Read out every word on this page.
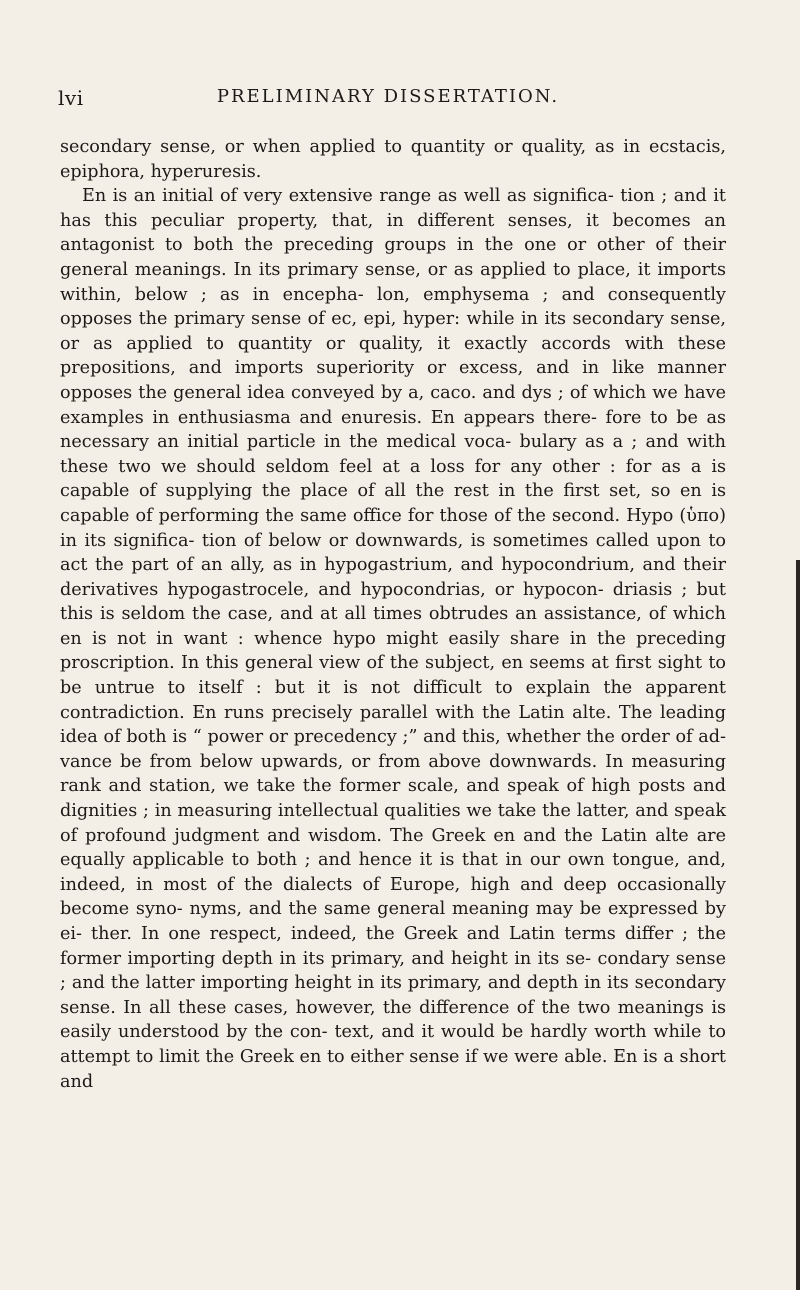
lvi	PRELIMINARY DISSERTATION.

secondary sense, or when applied to quantity or quality, as in ecstacis, epiphora, hyperuresis.

En is an initial of very extensive range as well as significa- tion ; and it has this peculiar property, that, in different senses, it becomes an antagonist to both the preceding groups in the one or other of their general meanings. In its primary sense, or as applied to place, it imports within, below ; as in encepha- lon, emphysema ; and consequently opposes the primary sense of ec, epi, hyper: while in its secondary sense, or as applied to quantity or quality, it exactly accords with these prepositions, and imports superiority or excess, and in like manner opposes the general idea conveyed by a, caco. and dys ; of which we have examples in enthusiasma and enuresis. En appears there- fore to be as necessary an initial particle in the medical voca- bulary as a ; and with these two we should seldom feel at a loss for any other : for as a is capable of supplying the place of all the rest in the first set, so en is capable of performing the same office for those of the second. Hypo (ὑπο) in its significa- tion of below or downwards, is sometimes called upon to act the part of an ally, as in hypogastrium, and hypocondrium, and their derivatives hypogastrocele, and hypocondrias, or hypocon- driasis ; but this is seldom the case, and at all times obtrudes an assistance, of which en is not in want : whence hypo might easily share in the preceding proscription. In this general view of the subject, en seems at first sight to be untrue to itself : but it is not difficult to explain the apparent contradiction. En runs precisely parallel with the Latin alte. The leading idea of both is “ power or precedency ;” and this, whether the order of ad- vance be from below upwards, or from above downwards. In measuring rank and station, we take the former scale, and speak of high posts and dignities ; in measuring intellectual qualities we take the latter, and speak of profound judgment and wisdom. The Greek en and the Latin alte are equally applicable to both ; and hence it is that in our own tongue, and, indeed, in most of the dialects of Europe, high and deep occasionally become syno- nyms, and the same general meaning may be expressed by ei- ther. In one respect, indeed, the Greek and Latin terms differ ; the former importing depth in its primary, and height in its se- condary sense ; and the latter importing height in its primary, and depth in its secondary sense. In all these cases, however, the difference of the two meanings is easily understood by the con- text, and it would be hardly worth while to attempt to limit the Greek en to either sense if we were able. En is a short and
